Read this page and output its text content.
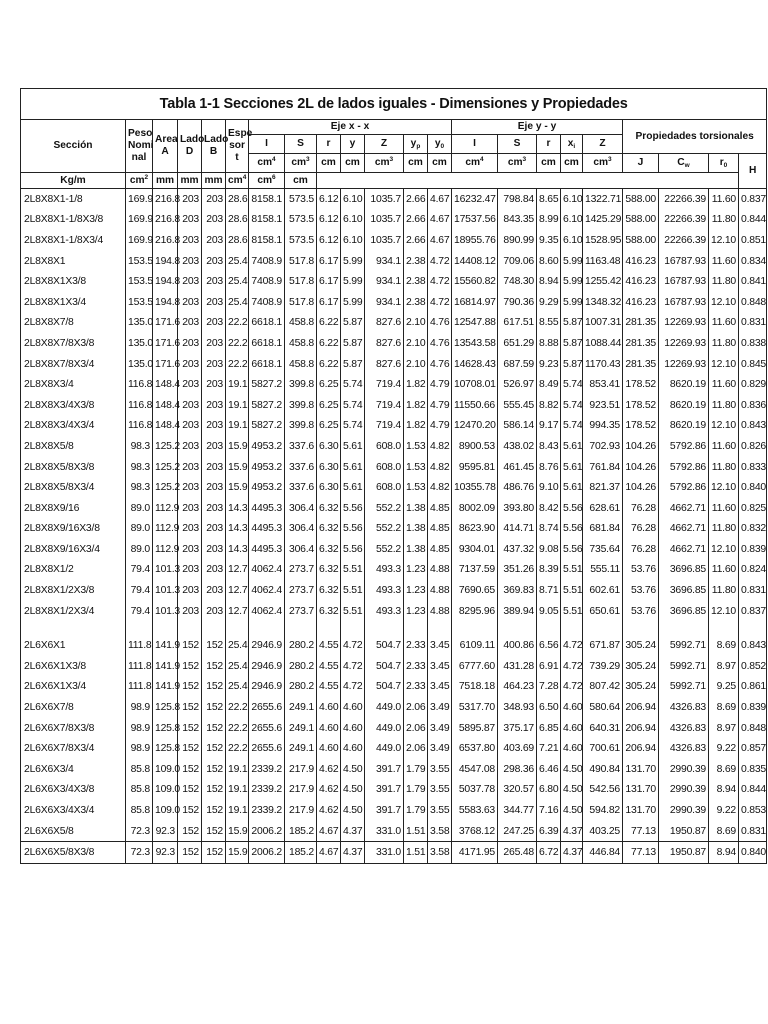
Tabla 1-1 Secciones 2L de lados iguales - Dimensiones y Propiedades																					
Sección	Peso
Nomi
nal	Area
A	Lado
D	Lado
B	Espe
sor
t	Eje x - x							Eje y - y					Propiedades torsionales			
						I	S	r	y	Z	$y_p$	$y_0$	I	S	r	$x_i$	Z				
						$cm^4$	$cm^3$	cm	cm	$cm^3$	cm	cm	$cm^4$	$cm^3$	cm	cm	$cm^3$	J	$C_w$	$r_0$	H
Kg/m	$cm^2$	mm	mm	mm	$cm^4$	$cm^6$	cm														
2L8X8X1-1/8	169.9	216.8	203	203	28.6	8158.1	573.5	6.12	6.10	1035.7	2.66	4.67	16232.47	798.84	8.65	6.10	1322.71	588.00	22266.39	11.60	0.837
2L8X8X1-1/8X3/8	169.9	216.8	203	203	28.6	8158.1	573.5	6.12	6.10	1035.7	2.66	4.67	17537.56	843.35	8.99	6.10	1425.29	588.00	22266.39	11.80	0.844
2L8X8X1-1/8X3/4	169.9	216.8	203	203	28.6	8158.1	573.5	6.12	6.10	1035.7	2.66	4.67	18955.76	890.99	9.35	6.10	1528.95	588.00	22266.39	12.10	0.851
2L8X8X1	153.5	194.8	203	203	25.4	7408.9	517.8	6.17	5.99	934.1	2.38	4.72	14408.12	709.06	8.60	5.99	1163.48	416.23	16787.93	11.60	0.834
2L8X8X1X3/8	153.5	194.8	203	203	25.4	7408.9	517.8	6.17	5.99	934.1	2.38	4.72	15560.82	748.30	8.94	5.99	1255.42	416.23	16787.93	11.80	0.841
2L8X8X1X3/4	153.5	194.8	203	203	25.4	7408.9	517.8	6.17	5.99	934.1	2.38	4.72	16814.97	790.36	9.29	5.99	1348.32	416.23	16787.93	12.10	0.848
2L8X8X7/8	135.0	171.6	203	203	22.2	6618.1	458.8	6.22	5.87	827.6	2.10	4.76	12547.88	617.51	8.55	5.87	1007.31	281.35	12269.93	11.60	0.831
2L8X8X7/8X3/8	135.0	171.6	203	203	22.2	6618.1	458.8	6.22	5.87	827.6	2.10	4.76	13543.58	651.29	8.88	5.87	1088.44	281.35	12269.93	11.80	0.838
2L8X8X7/8X3/4	135.0	171.6	203	203	22.2	6618.1	458.8	6.22	5.87	827.6	2.10	4.76	14628.43	687.59	9.23	5.87	1170.43	281.35	12269.93	12.10	0.845
2L8X8X3/4	116.8	148.4	203	203	19.1	5827.2	399.8	6.25	5.74	719.4	1.82	4.79	10708.01	526.97	8.49	5.74	853.41	178.52	8620.19	11.60	0.829
2L8X8X3/4X3/8	116.8	148.4	203	203	19.1	5827.2	399.8	6.25	5.74	719.4	1.82	4.79	11550.66	555.45	8.82	5.74	923.51	178.52	8620.19	11.80	0.836
2L8X8X3/4X3/4	116.8	148.4	203	203	19.1	5827.2	399.8	6.25	5.74	719.4	1.82	4.79	12470.20	586.14	9.17	5.74	994.35	178.52	8620.19	12.10	0.843
2L8X8X5/8	98.3	125.2	203	203	15.9	4953.2	337.6	6.30	5.61	608.0	1.53	4.82	8900.53	438.02	8.43	5.61	702.93	104.26	5792.86	11.60	0.826
2L8X8X5/8X3/8	98.3	125.2	203	203	15.9	4953.2	337.6	6.30	5.61	608.0	1.53	4.82	9595.81	461.45	8.76	5.61	761.84	104.26	5792.86	11.80	0.833
2L8X8X5/8X3/4	98.3	125.2	203	203	15.9	4953.2	337.6	6.30	5.61	608.0	1.53	4.82	10355.78	486.76	9.10	5.61	821.37	104.26	5792.86	12.10	0.840
2L8X8X9/16	89.0	112.9	203	203	14.3	4495.3	306.4	6.32	5.56	552.2	1.38	4.85	8002.09	393.80	8.42	5.56	628.61	76.28	4662.71	11.60	0.825
2L8X8X9/16X3/8	89.0	112.9	203	203	14.3	4495.3	306.4	6.32	5.56	552.2	1.38	4.85	8623.90	414.71	8.74	5.56	681.84	76.28	4662.71	11.80	0.832
2L8X8X9/16X3/4	89.0	112.9	203	203	14.3	4495.3	306.4	6.32	5.56	552.2	1.38	4.85	9304.01	437.32	9.08	5.56	735.64	76.28	4662.71	12.10	0.839
2L8X8X1/2	79.4	101.3	203	203	12.7	4062.4	273.7	6.32	5.51	493.3	1.23	4.88	7137.59	351.26	8.39	5.51	555.11	53.76	3696.85	11.60	0.824
2L8X8X1/2X3/8	79.4	101.3	203	203	12.7	4062.4	273.7	6.32	5.51	493.3	1.23	4.88	7690.65	369.83	8.71	5.51	602.61	53.76	3696.85	11.80	0.831
2L8X8X1/2X3/4	79.4	101.3	203	203	12.7	4062.4	273.7	6.32	5.51	493.3	1.23	4.88	8295.96	389.94	9.05	5.51	650.61	53.76	3696.85	12.10	0.837

2L6X6X1	111.8	141.9	152	152	25.4	2946.9	280.2	4.55	4.72	504.7	2.33	3.45	6109.11	400.86	6.56	4.72	671.87	305.24	5992.71	8.69	0.843
2L6X6X1X3/8	111.8	141.9	152	152	25.4	2946.9	280.2	4.55	4.72	504.7	2.33	3.45	6777.60	431.28	6.91	4.72	739.29	305.24	5992.71	8.97	0.852
2L6X6X1X3/4	111.8	141.9	152	152	25.4	2946.9	280.2	4.55	4.72	504.7	2.33	3.45	7518.18	464.23	7.28	4.72	807.42	305.24	5992.71	9.25	0.861
2L6X6X7/8	98.9	125.8	152	152	22.2	2655.6	249.1	4.60	4.60	449.0	2.06	3.49	5317.70	348.93	6.50	4.60	580.64	206.94	4326.83	8.69	0.839
2L6X6X7/8X3/8	98.9	125.8	152	152	22.2	2655.6	249.1	4.60	4.60	449.0	2.06	3.49	5895.87	375.17	6.85	4.60	640.31	206.94	4326.83	8.97	0.848
2L6X6X7/8X3/4	98.9	125.8	152	152	22.2	2655.6	249.1	4.60	4.60	449.0	2.06	3.49	6537.80	403.69	7.21	4.60	700.61	206.94	4326.83	9.22	0.857
2L6X6X3/4	85.8	109.0	152	152	19.1	2339.2	217.9	4.62	4.50	391.7	1.79	3.55	4547.08	298.36	6.46	4.50	490.84	131.70	2990.39	8.69	0.835
2L6X6X3/4X3/8	85.8	109.0	152	152	19.1	2339.2	217.9	4.62	4.50	391.7	1.79	3.55	5037.78	320.57	6.80	4.50	542.56	131.70	2990.39	8.94	0.844
2L6X6X3/4X3/4	85.8	109.0	152	152	19.1	2339.2	217.9	4.62	4.50	391.7	1.79	3.55	5583.63	344.77	7.16	4.50	594.82	131.70	2990.39	9.22	0.853
2L6X6X5/8	72.3	92.3	152	152	15.9	2006.2	185.2	4.67	4.37	331.0	1.51	3.58	3768.12	247.25	6.39	4.37	403.25	77.13	1950.87	8.69	0.831
2L6X6X5/8X3/8	72.3	92.3	152	152	15.9	2006.2	185.2	4.67	4.37	331.0	1.51	3.58	4171.95	265.48	6.72	4.37	446.84	77.13	1950.87	8.94	0.840
